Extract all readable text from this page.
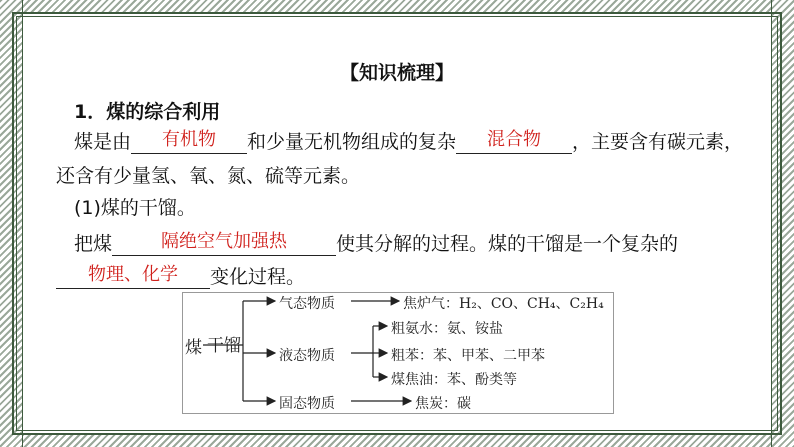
【知识梳理】
1．煤的综合利用
煤是由 有机物 和少量无机物组成的复杂 混合物 ，主要含有碳元素，
还含有少量氢、氧、氮、硫等元素。
(1)煤的干馏。
把煤	隔绝空气加强热	使其分解的过程。煤的干馏是一个复杂的
物理、化学 变化过程。
煤 干馏
气态物质
液态物质
固态物质
焦炉气：H₂、CO、CH₄、C₂H₄
粗氨水：氨、铵盐
粗苯：苯、甲苯、二甲苯
煤焦油：苯、酚类等
焦炭：碳
